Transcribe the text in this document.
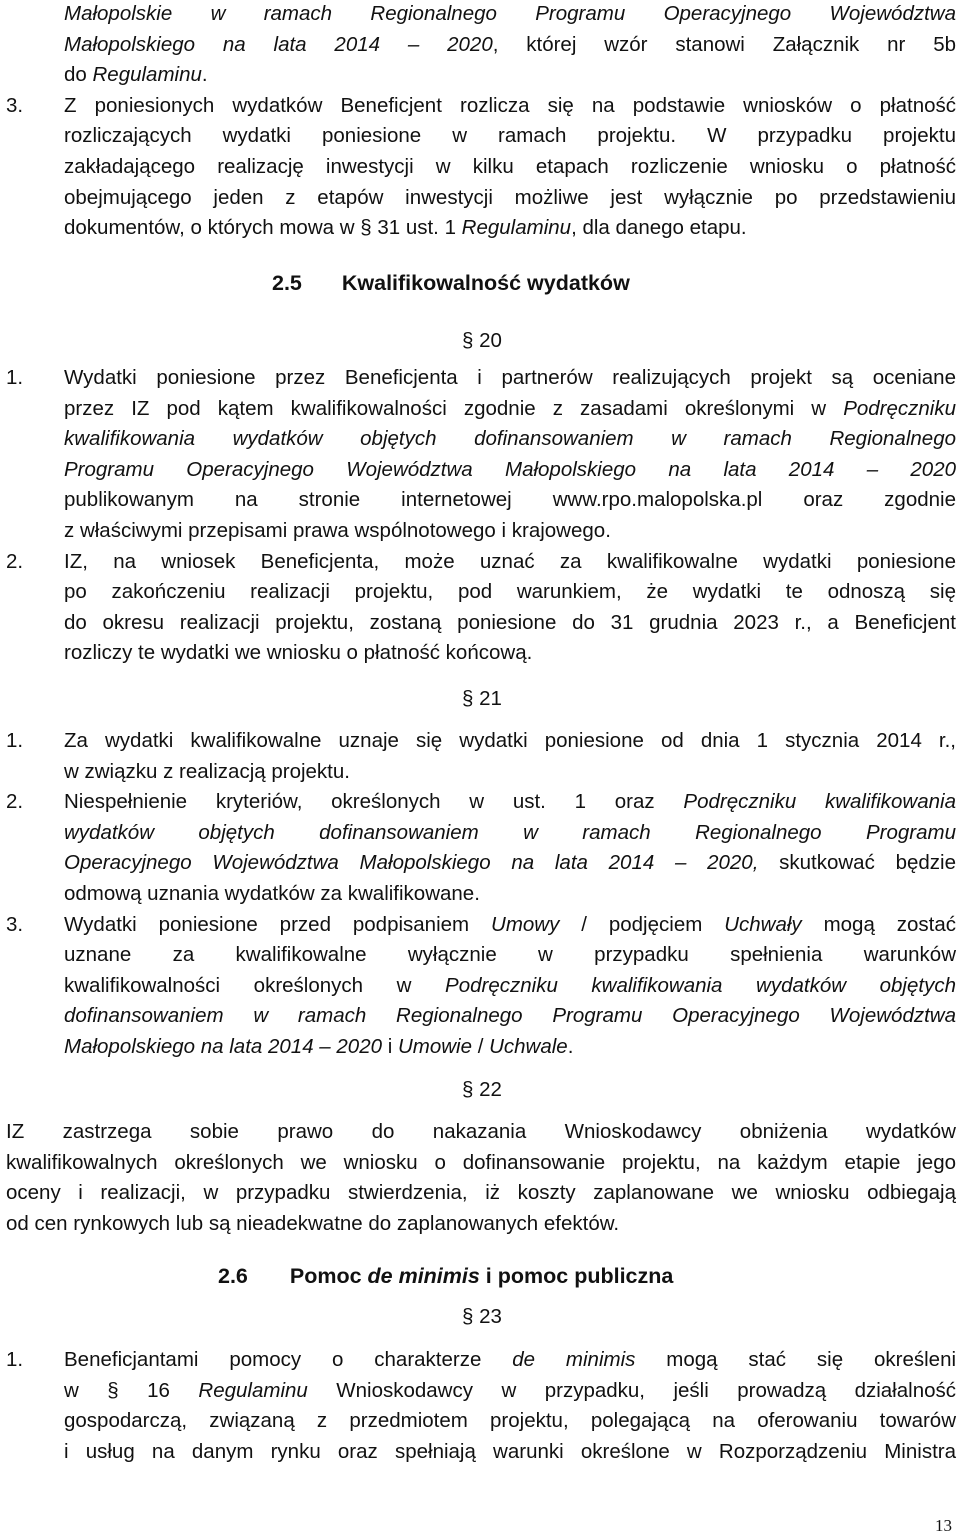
Małopolskie w ramach Regionalnego Programu Operacyjnego Województwa
Małopolskiego na lata 2014 – 2020, której wzór stanowi Załącznik nr 5b
do Regulaminu.
3. Z poniesionych wydatków Beneficjent rozlicza się na podstawie wniosków o płatność
rozliczających wydatki poniesione w ramach projektu. W przypadku projektu
zakładającego realizację inwestycji w kilku etapach rozliczenie wniosku o płatność
obejmującego jeden z etapów inwestycji możliwe jest wyłącznie po przedstawieniu
dokumentów, o których mowa w § 31 ust. 1 Regulaminu, dla danego etapu.
2.5 Kwalifikowalność wydatków
§ 20
1. Wydatki poniesione przez Beneficjenta i partnerów realizujących projekt są oceniane
przez IZ pod kątem kwalifikowalności zgodnie z zasadami określonymi w Podręczniku
kwalifikowania wydatków objętych dofinansowaniem w ramach Regionalnego
Programu Operacyjnego Województwa Małopolskiego na lata 2014 – 2020
publikowanym na stronie internetowej www.rpo.malopolska.pl oraz zgodnie
z właściwymi przepisami prawa wspólnotowego i krajowego.
2. IZ, na wniosek Beneficjenta, może uznać za kwalifikowalne wydatki poniesione
po zakończeniu realizacji projektu, pod warunkiem, że wydatki te odnoszą się
do okresu realizacji projektu, zostaną poniesione do 31 grudnia 2023 r., a Beneficjent
rozliczy te wydatki we wniosku o płatność końcową.
§ 21
1. Za wydatki kwalifikowalne uznaje się wydatki poniesione od dnia 1 stycznia 2014 r.,
w związku z realizacją projektu.
2. Niespełnienie kryteriów, określonych w ust. 1 oraz Podręczniku kwalifikowania
wydatków objętych dofinansowaniem w ramach Regionalnego Programu
Operacyjnego Województwa Małopolskiego na lata 2014 – 2020, skutkować będzie
odmową uznania wydatków za kwalifikowane.
3. Wydatki poniesione przed podpisaniem Umowy / podjęciem Uchwały mogą zostać
uznane za kwalifikowalne wyłącznie w przypadku spełnienia warunków
kwalifikowalności określonych w Podręczniku kwalifikowania wydatków objętych
dofinansowaniem w ramach Regionalnego Programu Operacyjnego Województwa
Małopolskiego na lata 2014 – 2020 i Umowie / Uchwale.
§ 22
IZ zastrzega sobie prawo do nakazania Wnioskodawcy obniżenia wydatków
kwalifikowalnych określonych we wniosku o dofinansowanie projektu, na każdym etapie jego
oceny i realizacji, w przypadku stwierdzenia, iż koszty zaplanowane we wniosku odbiegają
od cen rynkowych lub są nieadekwatne do zaplanowanych efektów.
2.6 Pomoc de minimis i pomoc publiczna
§ 23
1. Beneficjantami pomocy o charakterze de minimis mogą stać się określeni
w § 16 Regulaminu Wnioskodawcy w przypadku, jeśli prowadzą działalność
gospodarczą, związaną z przedmiotem projektu, polegającą na oferowaniu towarów
i usług na danym rynku oraz spełniają warunki określone w Rozporządzeniu Ministra
13
